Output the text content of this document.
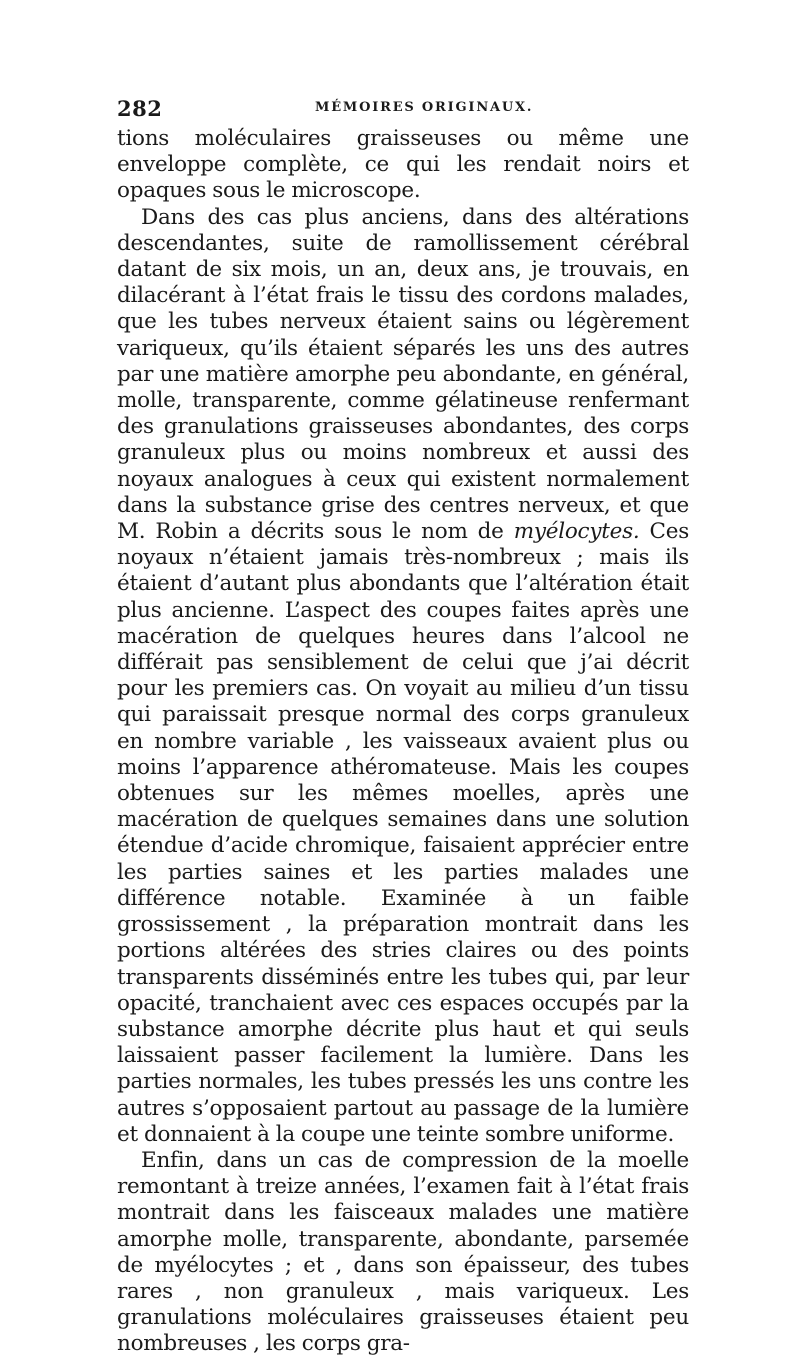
282	MÉMOIRES ORIGINAUX.

tions moléculaires graisseuses ou même une enveloppe complète, ce qui les rendait noirs et opaques sous le microscope.

Dans des cas plus anciens, dans des altérations descendantes, suite de ramollissement cérébral datant de six mois, un an, deux ans, je trouvais, en dilacérant à l’état frais le tissu des cordons malades, que les tubes nerveux étaient sains ou légèrement variqueux, qu’ils étaient séparés les uns des autres par une matière amorphe peu abondante, en général, molle, transparente, comme gélatineuse renfermant des granulations graisseuses abondantes, des corps granuleux plus ou moins nombreux et aussi des noyaux analogues à ceux qui existent normalement dans la substance grise des centres nerveux, et que M. Robin a décrits sous le nom de myélocytes. Ces noyaux n’étaient jamais très-nombreux ; mais ils étaient d’autant plus abondants que l’altération était plus ancienne. L’aspect des coupes faites après une macération de quelques heures dans l’alcool ne différait pas sensiblement de celui que j’ai décrit pour les premiers cas. On voyait au milieu d’un tissu qui paraissait presque normal des corps granuleux en nombre variable , les vaisseaux avaient plus ou moins l’apparence athéromateuse. Mais les coupes obtenues sur les mêmes moelles, après une macération de quelques semaines dans une solution étendue d’acide chromique, faisaient apprécier entre les parties saines et les parties malades une différence notable. Examinée à un faible grossissement , la préparation montrait dans les portions altérées des stries claires ou des points transparents disséminés entre les tubes qui, par leur opacité, tranchaient avec ces espaces occupés par la substance amorphe décrite plus haut et qui seuls laissaient passer facilement la lumière. Dans les parties normales, les tubes pressés les uns contre les autres s’opposaient partout au passage de la lumière et donnaient à la coupe une teinte sombre uniforme.

Enfin, dans un cas de compression de la moelle remontant à treize années, l’examen fait à l’état frais montrait dans les faisceaux malades une matière amorphe molle, transparente, abondante, parsemée de myélocytes ; et , dans son épaisseur, des tubes rares , non granuleux , mais variqueux. Les granulations moléculaires graisseuses étaient peu nombreuses , les corps gra-
